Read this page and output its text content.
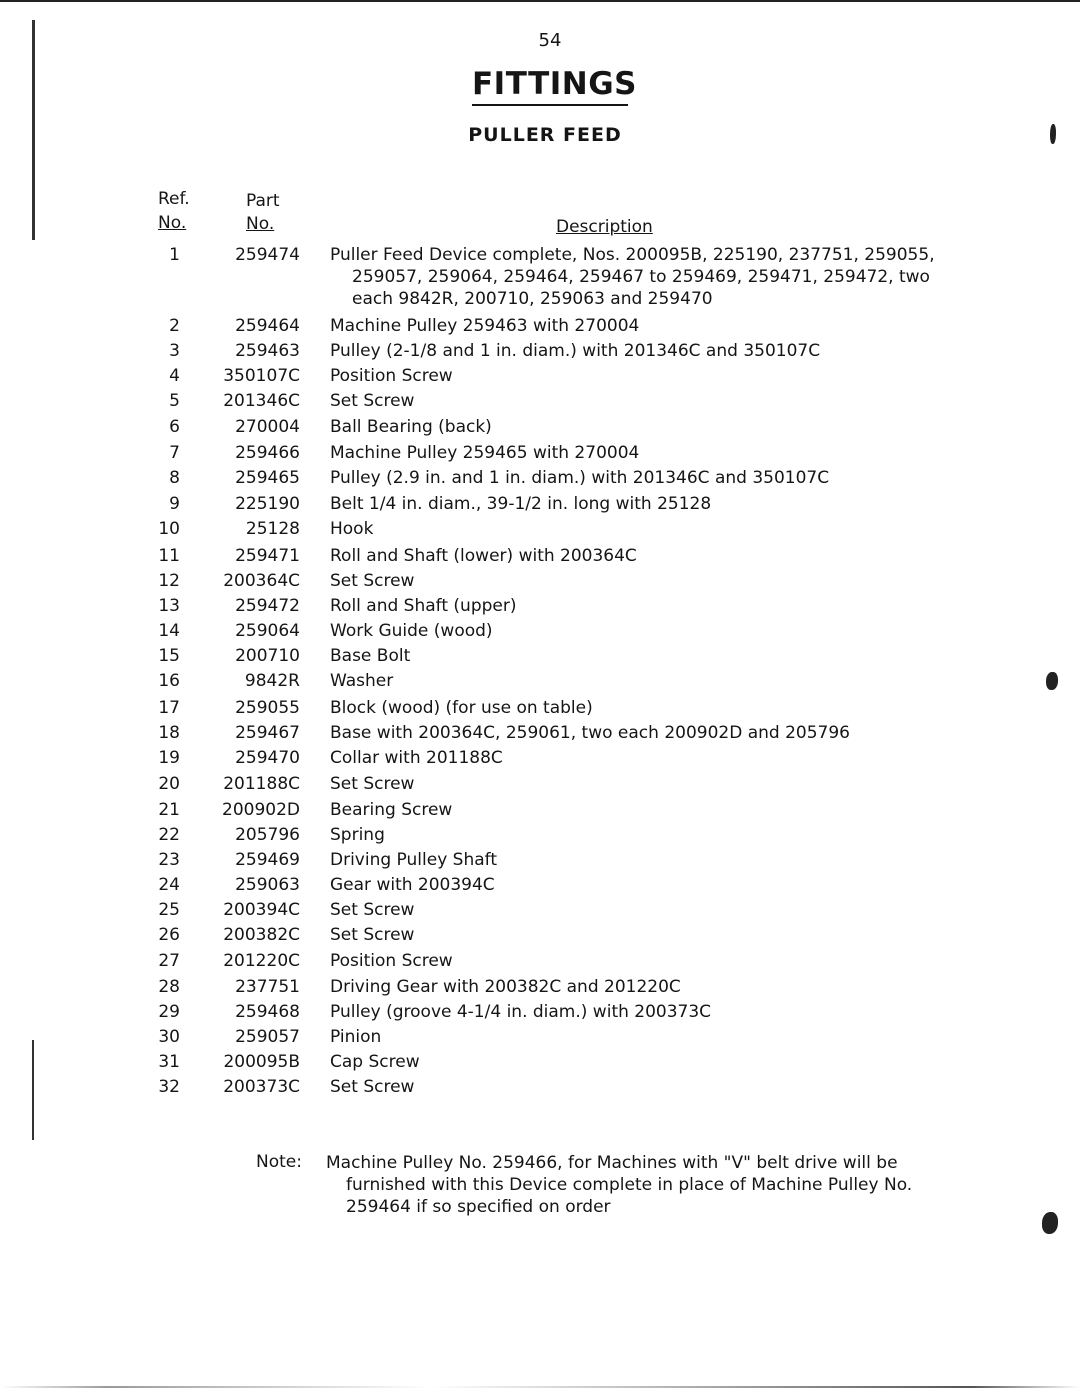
54
FITTINGS
PULLER FEED
Ref.
No.
Part
No.	Description
1	259474 Puller Feed Device complete, Nos. 200095B, 225190, 237751, 259055,
259057, 259064, 259464, 259467 to 259469, 259471, 259472, two
each 9842R, 200710, 259063 and 259470
2	259464 Machine Pulley 259463 with 270004
3	259463 Pulley (2-1/8 and 1 in. diam.) with 201346C and 350107C
4	350107C Position Screw
5	201346C Set Screw
6	270004 Ball Bearing (back)
7	259466 Machine Pulley 259465 with 270004
8	259465 Pulley (2.9 in. and 1 in. diam.) with 201346C and 350107C
9	225190 Belt 1/4 in. diam., 39-1/2 in. long with 25128
10	25128 Hook
11	259471 Roll and Shaft (lower) with 200364C
12	200364C Set Screw
13	259472 Roll and Shaft (upper)
14	259064 Work Guide (wood)
15	200710 Base Bolt
16	9842R Washer
17	259055 Block (wood) (for use on table)
18	259467 Base with 200364C, 259061, two each 200902D and 205796
19	259470 Collar with 201188C
20	201188C Set Screw
21 200902D Bearing Screw
22	205796 Spring
23	259469 Driving Pulley Shaft
24	259063 Gear with 200394C
25	200394C Set Screw
26	200382C Set Screw
27	201220C Position Screw
28	237751 Driving Gear with 200382C and 201220C
29	259468 Pulley (groove 4-1/4 in. diam.) with 200373C
30	259057 Pinion
31	200095B Cap Screw
32	200373C Set Screw
Note: Machine Pulley No. 259466, for Machines with "V" belt drive will be
furnished with this Device complete in place of Machine Pulley No.
259464 if so specified on order
